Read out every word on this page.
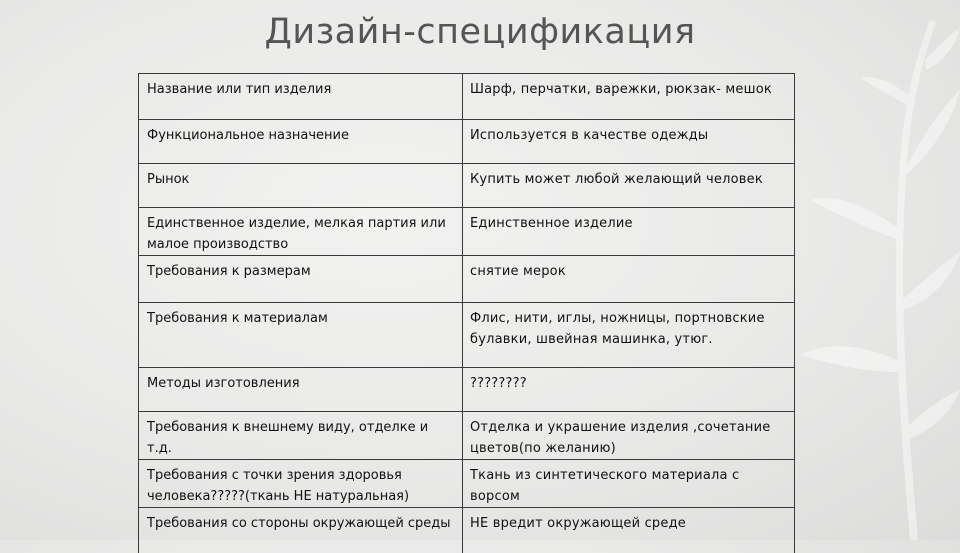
Дизайн-спецификация
Название или тип изделия	Шарф, перчатки, варежки, рюкзак- мешок
Функциональное назначение	Используется в качестве одежды
Рынок	Купить может любой желающий человек
Единственное изделие, мелкая партия или малое производство	Единственное изделие
Требования к размерам	снятие мерок
Требования к материалам	Флис, нити, иглы, ножницы, портновские булавки, швейная машинка, утюг.
Методы изготовления	????????
Требования к внешнему виду, отделке и т.д.	Отделка и украшение изделия ,сочетание цветов(по желанию)
Требования с точки зрения здоровья человека?????(ткань НЕ натуральная)	Ткань из синтетического материала с ворсом
Требования со стороны окружающей среды	НЕ вредит окружающей среде
